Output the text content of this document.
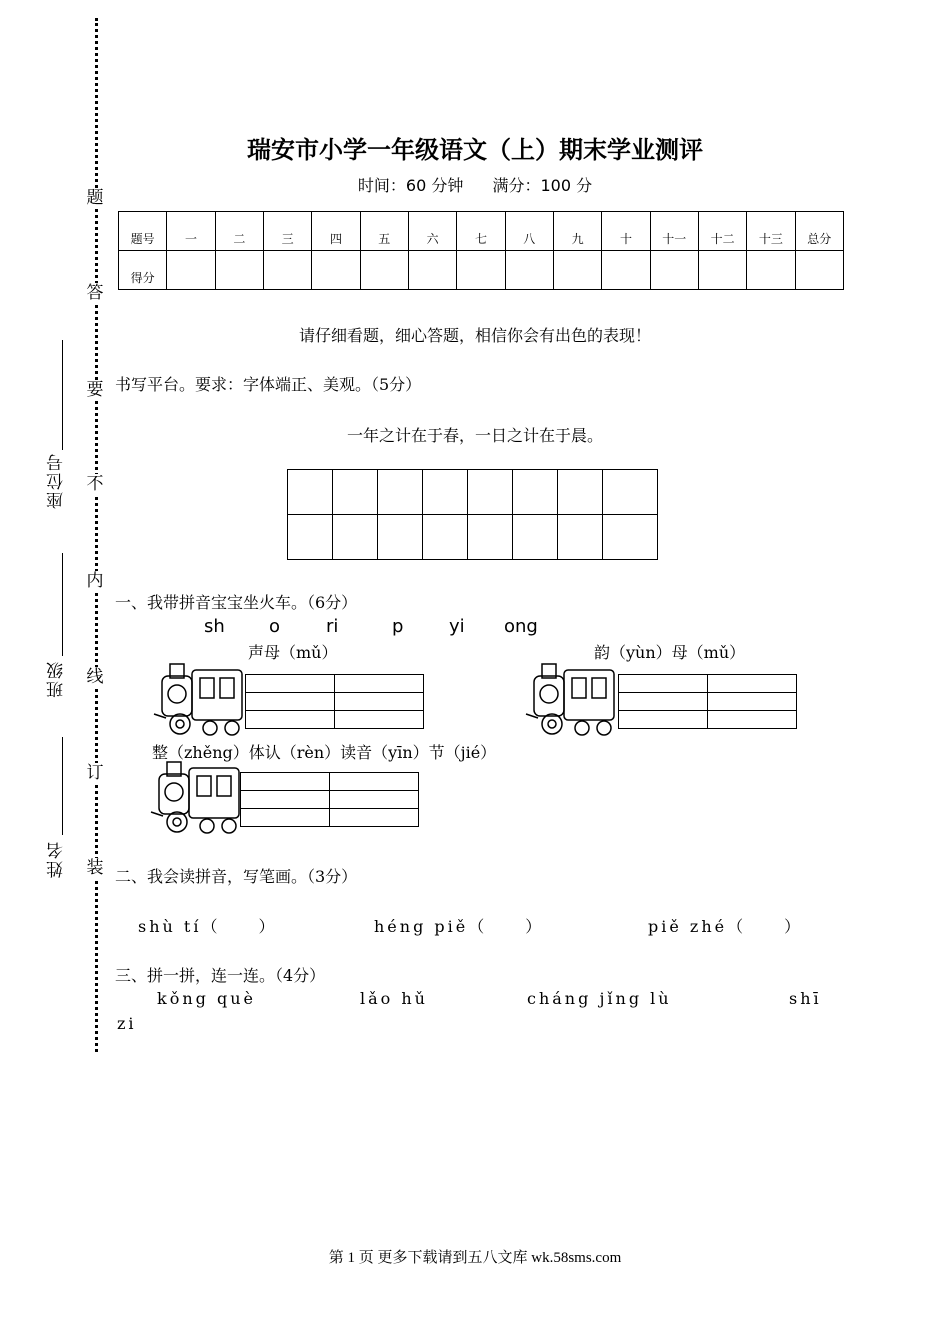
题
答
要
不
内
线
订
装
座位号
班级
姓名
瑞安市小学一年级语文（上）期末学业测评
时间：60 分钟 满分：100 分
题号	一	二	三	四	五	六	七	八	九	十	十一	十二	十三	总分
得分														
请仔细看题，细心答题，相信你会有出色的表现！
书写平台。要求：字体端正、美观。（5分）
一年之计在于春，一日之计在于晨。

一、我带拼音宝宝坐火车。（6分）
sh o	ri	p	yi ong
声母（mǔ）	韵（yùn）母（mǔ）

整（zhěng）体认（rèn）读音（yīn）节（jié）

二、我会读拼音，写笔画。（3分）
shù tí（　　）	héng piě（　　）	piě zhé（　　）
三、拼一拼，连一连。（4分）
kǒng què	lǎo hǔ	cháng jǐng lù	shī
zi
第 1 页 更多下载请到五八文库 wk.58sms.com
